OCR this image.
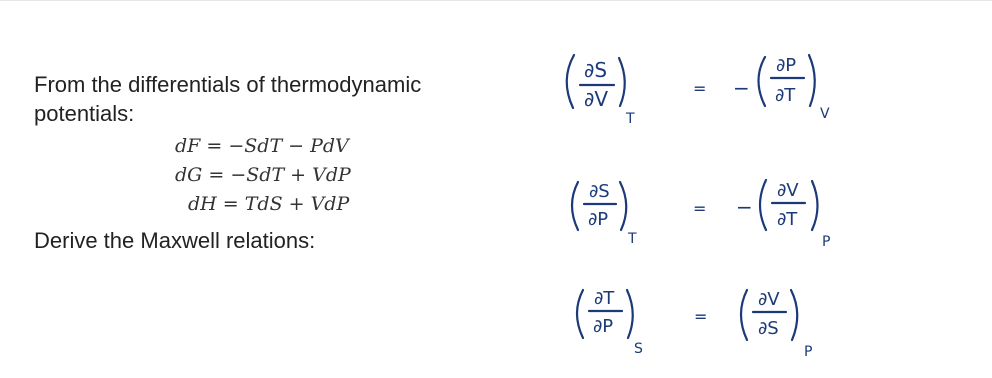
From the differentials of thermodynamic
potentials:
dF = −SdT − PdV
dG = −SdT + VdP
dH = TdS + VdP
Derive the Maxwell relations:
∂S
∂V
T
= −
∂P
∂T
V
∂S
∂P
T
= −
∂V
∂T
P
∂T
∂P
S
=
∂V
∂S
P
